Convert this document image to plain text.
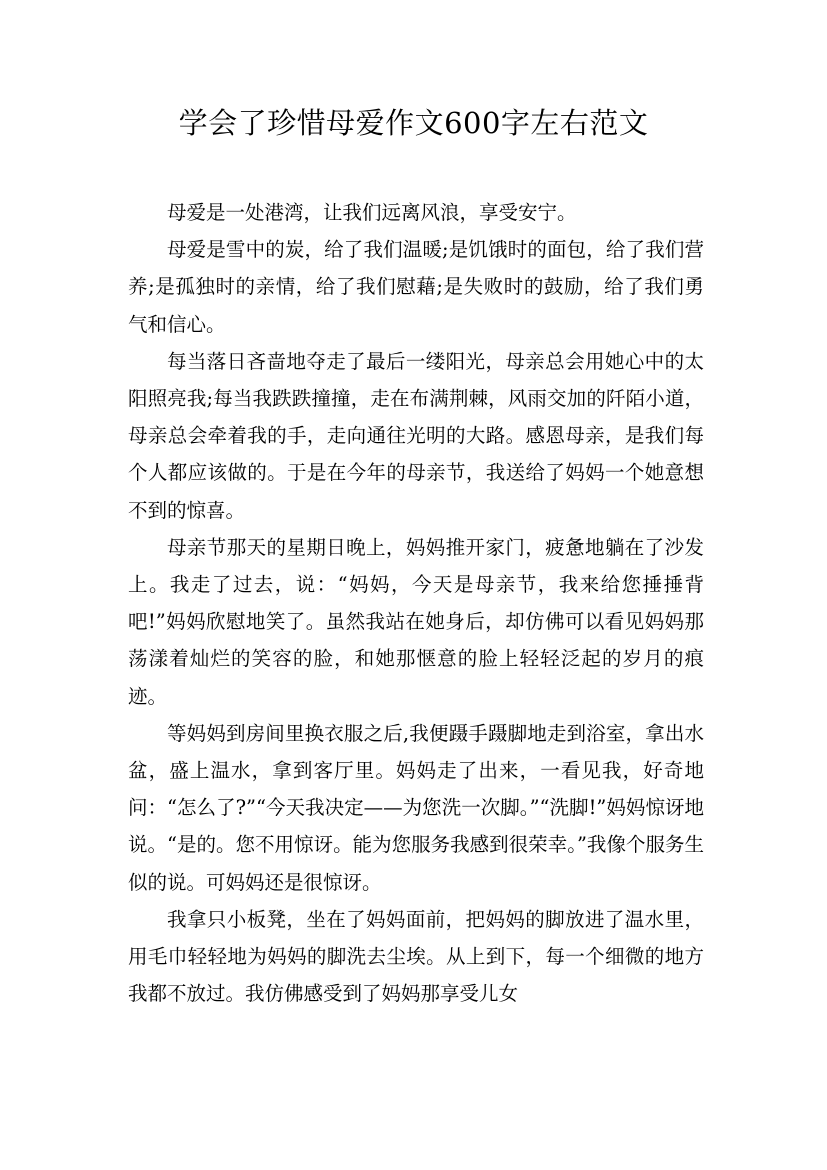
学会了珍惜母爱作文600字左右范文

母爱是一处港湾，让我们远离风浪，享受安宁。

母爱是雪中的炭，给了我们温暖;是饥饿时的面包，给了我们营养;是孤独时的亲情，给了我们慰藉;是失败时的鼓励，给了我们勇气和信心。

每当落日吝啬地夺走了最后一缕阳光，母亲总会用她心中的太阳照亮我;每当我跌跌撞撞，走在布满荆棘，风雨交加的阡陌小道，母亲总会牵着我的手，走向通往光明的大路。感恩母亲，是我们每个人都应该做的。于是在今年的母亲节，我送给了妈妈一个她意想不到的惊喜。

母亲节那天的星期日晚上，妈妈推开家门，疲惫地躺在了沙发上。我走了过去，说：“妈妈，今天是母亲节，我来给您捶捶背吧!”妈妈欣慰地笑了。虽然我站在她身后，却仿佛可以看见妈妈那荡漾着灿烂的笑容的脸，和她那惬意的脸上轻轻泛起的岁月的痕迹。

等妈妈到房间里换衣服之后,我便蹑手蹑脚地走到浴室，拿出水盆，盛上温水，拿到客厅里。妈妈走了出来，一看见我，好奇地问：“怎么了?”“今天我决定——为您洗一次脚。”“洗脚!”妈妈惊讶地说。“是的。您不用惊讶。能为您服务我感到很荣幸。”我像个服务生似的说。可妈妈还是很惊讶。

我拿只小板凳，坐在了妈妈面前，把妈妈的脚放进了温水里，用毛巾轻轻地为妈妈的脚洗去尘埃。从上到下，每一个细微的地方我都不放过。我仿佛感受到了妈妈那享受儿女
